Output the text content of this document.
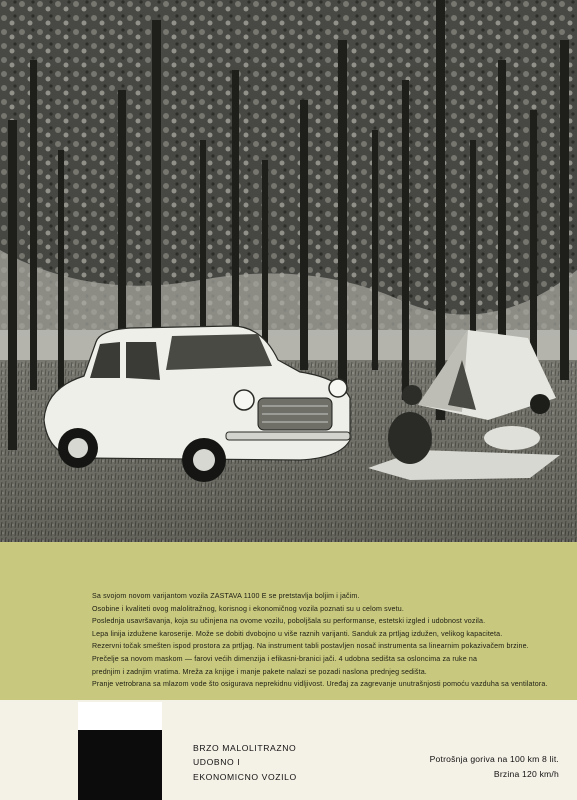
Sa svojom novom varijantom vozila ZASTAVA 1100 E se pretstavlja boljim i jačim.

Osobine i kvaliteti ovog malolitražnog, korisnog i ekonomičnog vozila poznati su u celom svetu.

Poslednja usavršavanja, koja su učinjena na ovome vozilu, poboljšala su performanse, estetski izgled i udobnost vozila.

Lepa linija izdužene karoserije. Može se dobiti dvobojno u više raznih varijanti. Sanduk za prtljag izdužen, velikog kapaciteta.

Rezervni točak smešten ispod prostora za prtljag. Na instrument tabli postavljen nosač instrumenta sa linearnim pokazivačem brzine.

Prečelje sa novom maskom — farovi većih dimenzija i efikasni-branici jači. 4 udobna sedišta sa osloncima za ruke na

prednjim i zadnjim vratima. Mreža za knjige i manje pakete nalazi se pozadi naslona prednjeg sedišta.

Pranje vetrobrana sa mlazom vode što osigurava neprekidnu vidljivost. Uređaj za zagrevanje unutrašnjosti pomoću vazduha sa ventilatora.

BRZO MALOLITRAZNO
UDOBNO I
EKONOMICNO VOZILO
Potrošnja goriva na 100 km 8 lit.
Brzina 120 km/h
